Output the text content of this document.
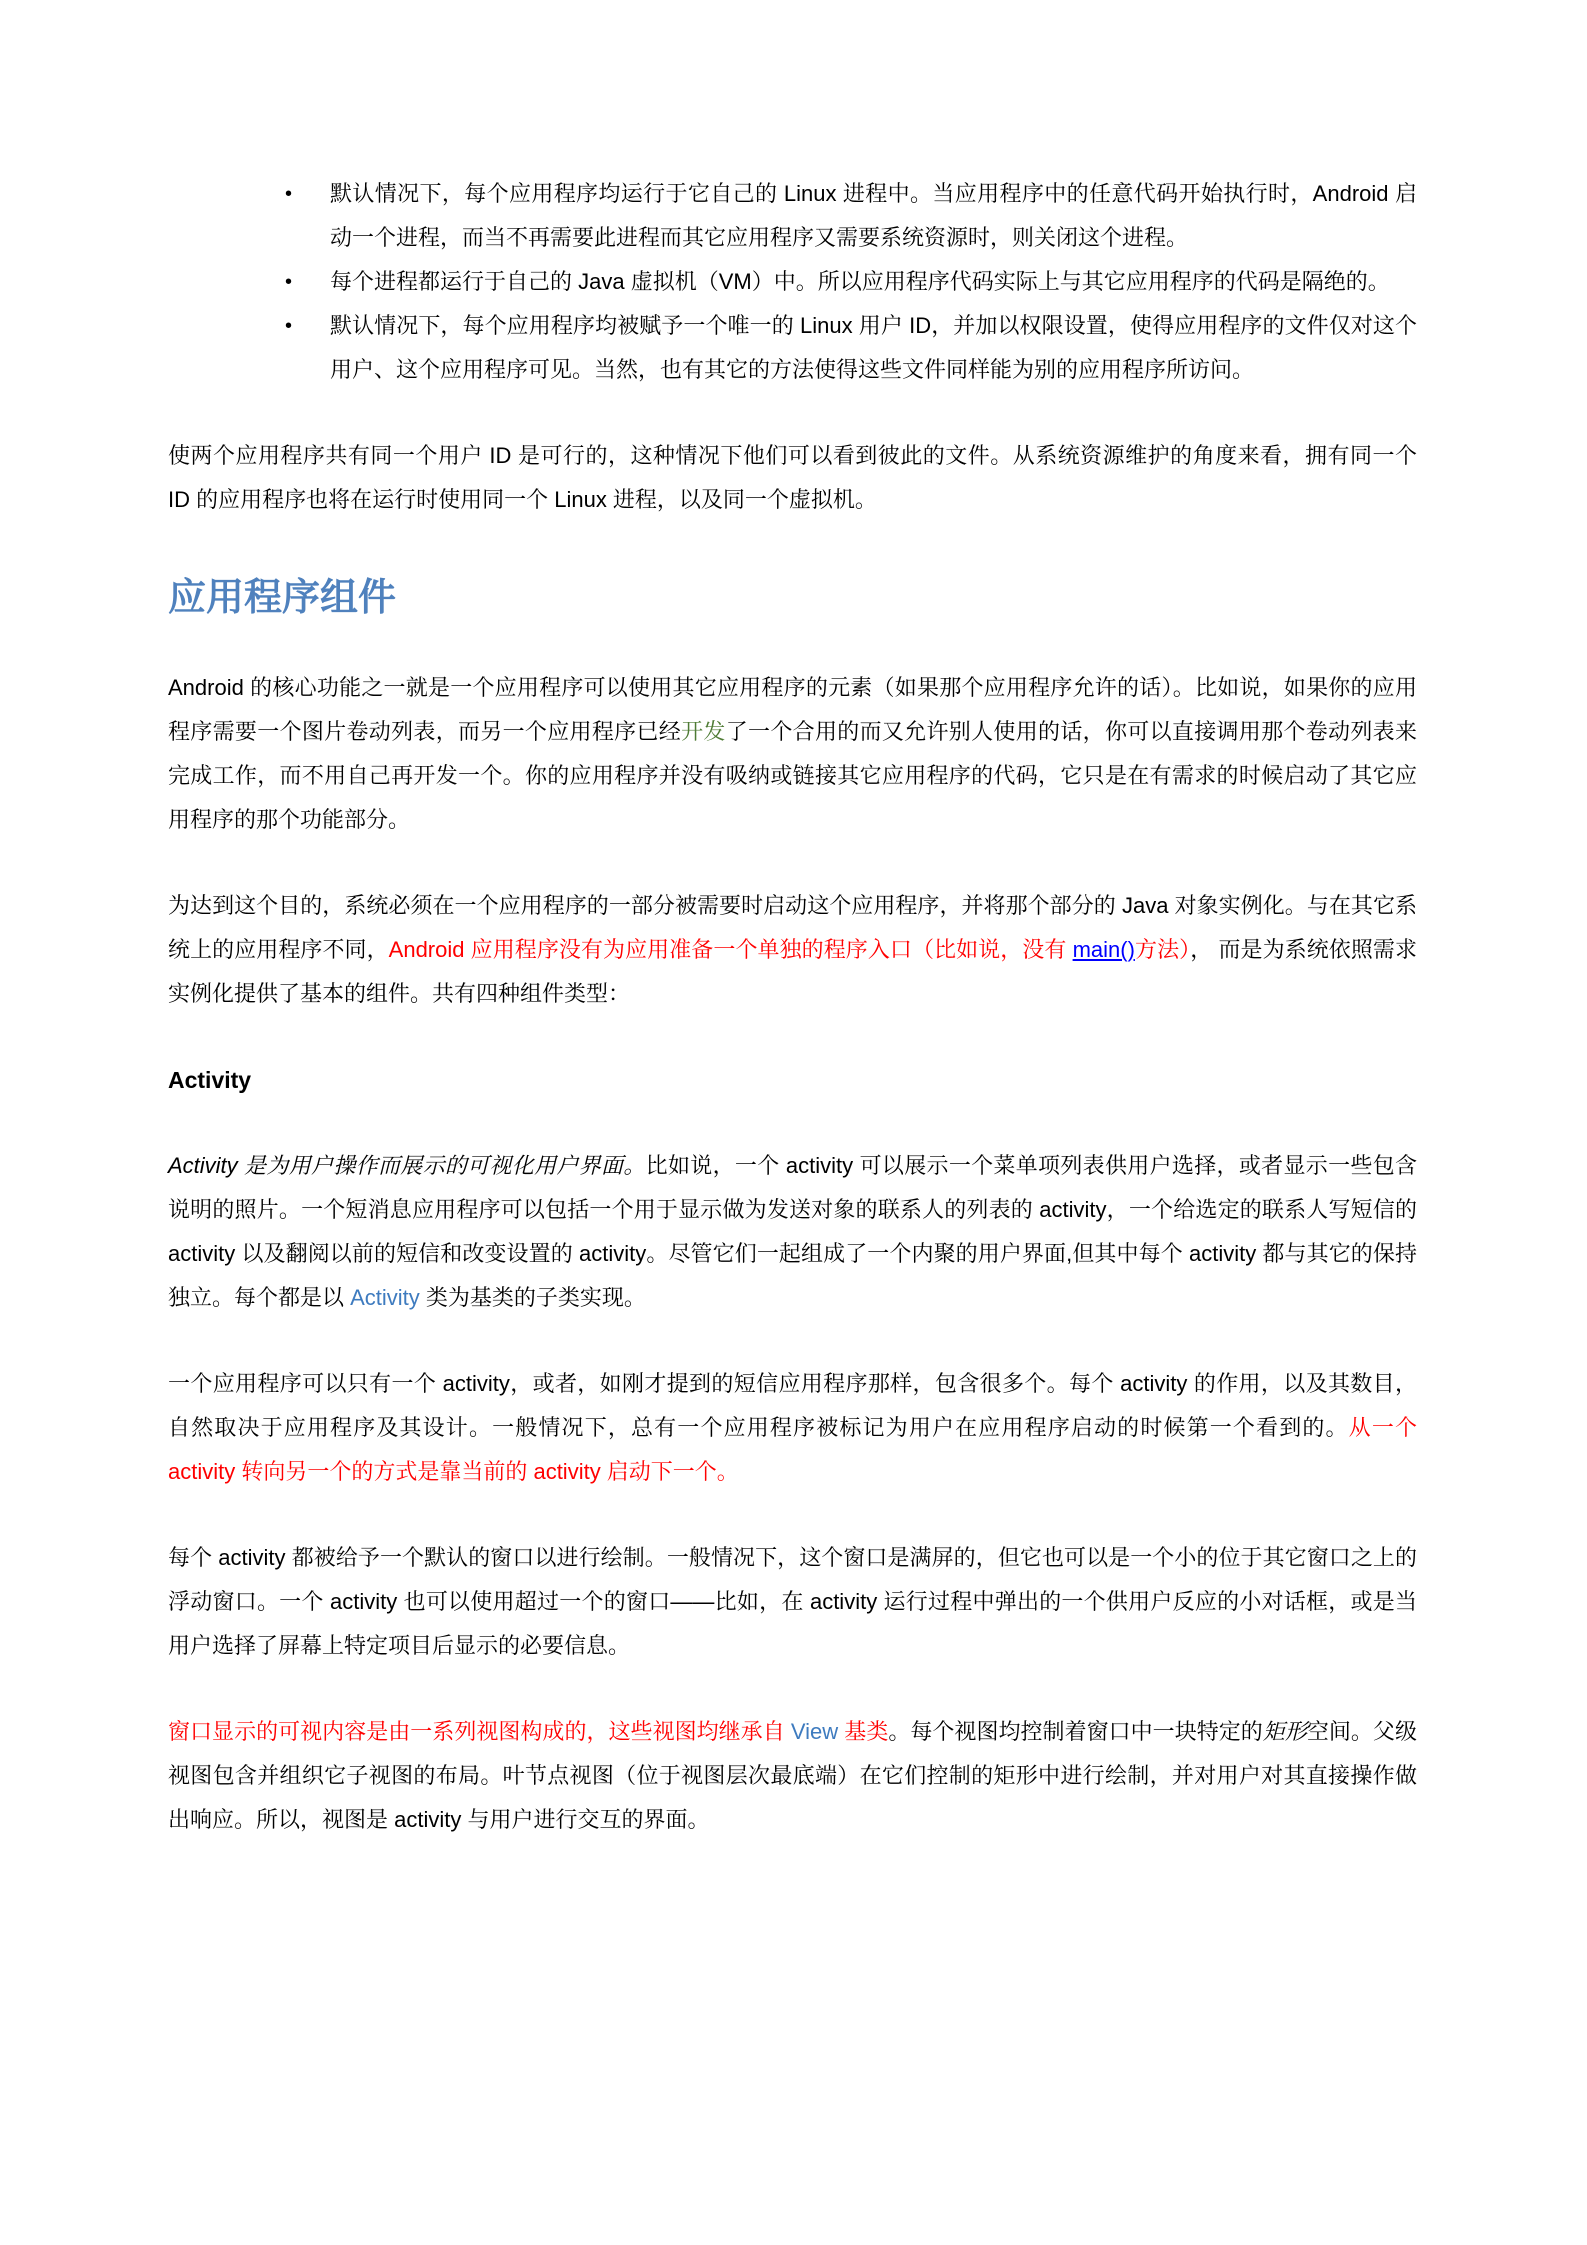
• 默认情况下，每个应用程序均运行于它自己的 Linux 进程中。当应用程序中的任意代码开始执行时，Android 启动一个进程，而当不再需要此进程而其它应用程序又需要系统资源时，则关闭这个进程。
• 每个进程都运行于自己的 Java 虚拟机（VM）中。所以应用程序代码实际上与其它应用程序的代码是隔绝的。
• 默认情况下，每个应用程序均被赋予一个唯一的 Linux 用户 ID，并加以权限设置，使得应用程序的文件仅对这个用户、这个应用程序可见。当然，也有其它的方法使得这些文件同样能为别的应用程序所访问。

使两个应用程序共有同一个用户 ID 是可行的，这种情况下他们可以看到彼此的文件。从系统资源维护的角度来看，拥有同一个 ID 的应用程序也将在运行时使用同一个 Linux 进程，以及同一个虚拟机。

应用程序组件

Android 的核心功能之一就是一个应用程序可以使用其它应用程序的元素（如果那个应用程序允许的话）。比如说，如果你的应用程序需要一个图片卷动列表，而另一个应用程序已经开发了一个合用的而又允许别人使用的话，你可以直接调用那个卷动列表来完成工作，而不用自己再开发一个。你的应用程序并没有吸纳或链接其它应用程序的代码，它只是在有需求的时候启动了其它应用程序的那个功能部分。

为达到这个目的，系统必须在一个应用程序的一部分被需要时启动这个应用程序，并将那个部分的 Java 对象实例化。与在其它系统上的应用程序不同，Android 应用程序没有为应用准备一个单独的程序入口（比如说，没有 main()方法）， 而是为系统依照需求实例化提供了基本的组件。共有四种组件类型：

Activity

Activity 是为用户操作而展示的可视化用户界面。比如说，一个 activity 可以展示一个菜单项列表供用户选择，或者显示一些包含说明的照片。一个短消息应用程序可以包括一个用于显示做为发送对象的联系人的列表的 activity，一个给选定的联系人写短信的 activity 以及翻阅以前的短信和改变设置的 activity。尽管它们一起组成了一个内聚的用户界面,但其中每个 activity 都与其它的保持独立。每个都是以 Activity 类为基类的子类实现。

一个应用程序可以只有一个 activity，或者，如刚才提到的短信应用程序那样，包含很多个。每个 activity 的作用，以及其数目，自然取决于应用程序及其设计。一般情况下，总有一个应用程序被标记为用户在应用程序启动的时候第一个看到的。从一个 activity 转向另一个的方式是靠当前的 activity 启动下一个。

每个 activity 都被给予一个默认的窗口以进行绘制。一般情况下，这个窗口是满屏的，但它也可以是一个小的位于其它窗口之上的浮动窗口。一个 activity 也可以使用超过一个的窗口——比如，在 activity 运行过程中弹出的一个供用户反应的小对话框，或是当用户选择了屏幕上特定项目后显示的必要信息。

窗口显示的可视内容是由一系列视图构成的，这些视图均继承自 View 基类。每个视图均控制着窗口中一块特定的矩形空间。父级视图包含并组织它子视图的布局。叶节点视图（位于视图层次最底端）在它们控制的矩形中进行绘制，并对用户对其直接操作做出响应。所以，视图是 activity 与用户进行交互的界面。
